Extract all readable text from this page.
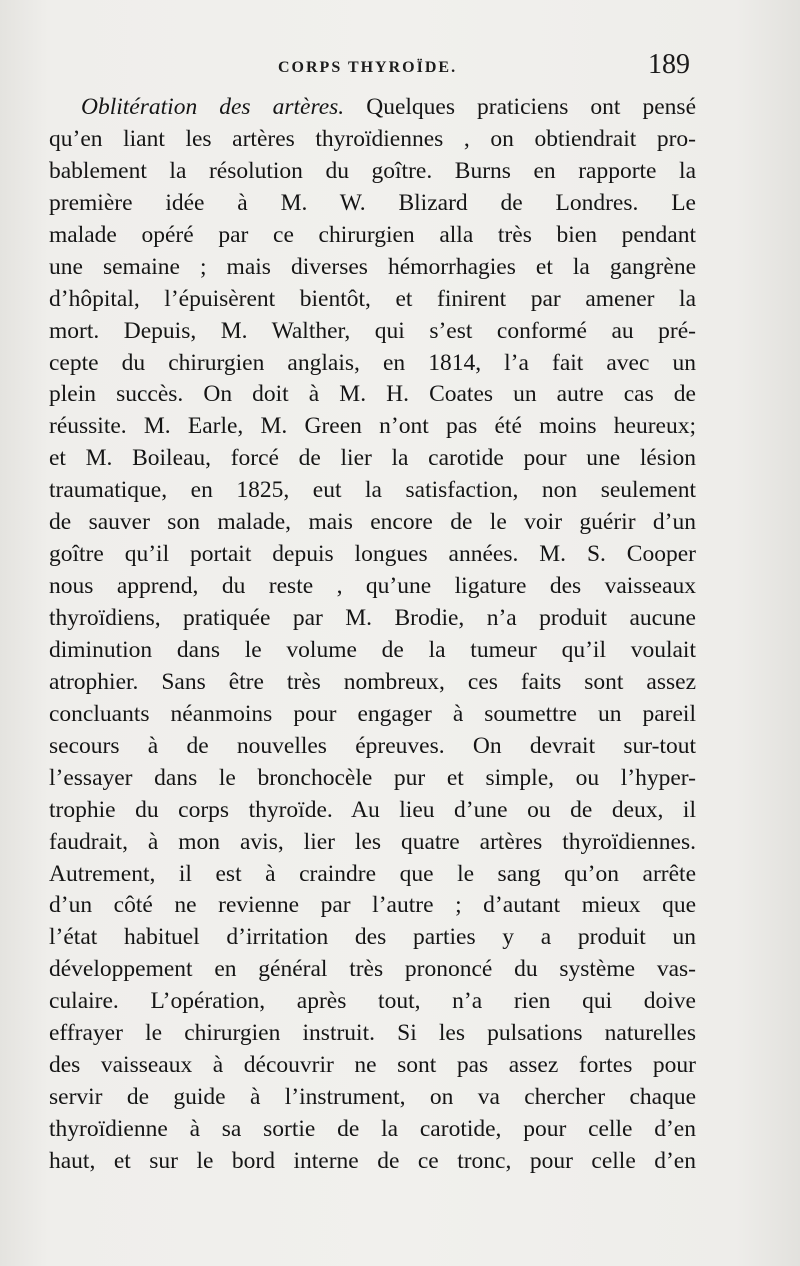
CORPS THYROÏDE.	189
Oblitération des artères. Quelques praticiens ont pensé
qu’en liant les artères thyroïdiennes , on obtiendrait pro-
bablement la résolution du goître. Burns en rapporte la
première idée à M. W. Blizard de Londres. Le
malade opéré par ce chirurgien alla très bien pendant
une semaine ; mais diverses hémorrhagies et la gangrène
d’hôpital, l’épuisèrent bientôt, et finirent par amener la
mort. Depuis, M. Walther, qui s’est conformé au pré-
cepte du chirurgien anglais, en 1814, l’a fait avec un
plein succès. On doit à M. H. Coates un autre cas de
réussite. M. Earle, M. Green n’ont pas été moins heureux;
et M. Boileau, forcé de lier la carotide pour une lésion
traumatique, en 1825, eut la satisfaction, non seulement
de sauver son malade, mais encore de le voir guérir d’un
goître qu’il portait depuis longues années. M. S. Cooper
nous apprend, du reste , qu’une ligature des vaisseaux
thyroïdiens, pratiquée par M. Brodie, n’a produit aucune
diminution dans le volume de la tumeur qu’il voulait
atrophier. Sans être très nombreux, ces faits sont assez
concluants néanmoins pour engager à soumettre un pareil
secours à de nouvelles épreuves. On devrait sur-tout
l’essayer dans le bronchocèle pur et simple, ou l’hyper-
trophie du corps thyroïde. Au lieu d’une ou de deux, il
faudrait, à mon avis, lier les quatre artères thyroïdiennes.
Autrement, il est à craindre que le sang qu’on arrête
d’un côté ne revienne par l’autre ; d’autant mieux que
l’état habituel d’irritation des parties y a produit un
développement en général très prononcé du système vas-
culaire. L’opération, après tout, n’a rien qui doive
effrayer le chirurgien instruit. Si les pulsations naturelles
des vaisseaux à découvrir ne sont pas assez fortes pour
servir de guide à l’instrument, on va chercher chaque
thyroïdienne à sa sortie de la carotide, pour celle d’en
haut, et sur le bord interne de ce tronc, pour celle d’en
